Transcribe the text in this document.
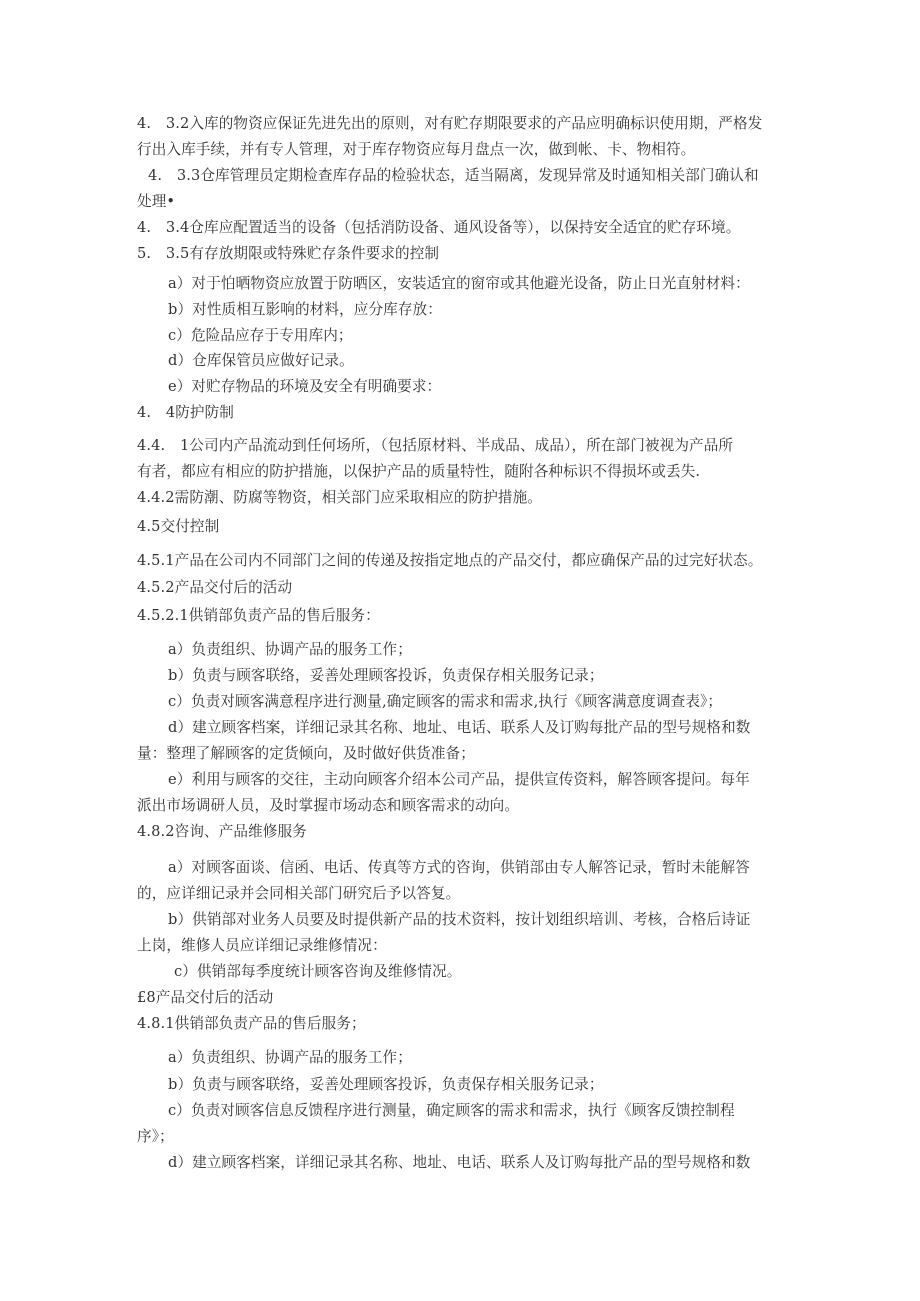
4.　3.2入库的物资应保证先进先出的原则，对有贮存期限要求的产品应明确标识使用期，严格发
行出入库手续，并有专人管理，对于库存物资应每月盘点一次，做到帐、卡、物相符。
4.　3.3仓库管理员定期检查库存品的检验状态，适当隔离，发现异常及时通知相关部门确认和
处理•
4.　3.4仓库应配置适当的设备（包括消防设备、通风设备等），以保持安全适宜的贮存环境。
5.　3.5有存放期限或特殊贮存条件要求的控制
a）对于怕晒物资应放置于防晒区，安装适宜的窗帘或其他避光设备，防止日光直射材料：
b）对性质相互影响的材料，应分库存放：
c）危险品应存于专用库内；
d）仓库保管员应做好记录。
e）对贮存物品的环境及安全有明确要求：
4.　4防护防制
4.4.　1公司内产品流动到任何场所，（包括原材料、半成品、成品），所在部门被视为产品所
有者，都应有相应的防护措施，以保护产品的质量特性，随附各种标识不得损坏或丢失.
4.4.2需防潮、防腐等物资，相关部门应采取相应的防护措施。
4.5交付控制
4.5.1产品在公司内不同部门之间的传递及按指定地点的产品交付，都应确保产品的过完好状态。
4.5.2产品交付后的活动
4.5.2.1供销部负责产品的售后服务：
a）负责组织、协调产品的服务工作；
b）负责与顾客联络，妥善处理顾客投诉，负责保存相关服务记录；
c）负责对顾客满意程序进行测量,确定顾客的需求和需求,执行《顾客满意度调查表》；
d）建立顾客档案，详细记录其名称、地址、电话、联系人及订购每批产品的型号规格和数
量：整理了解顾客的定货倾向，及时做好供货准备；
e）利用与顾客的交往，主动向顾客介绍本公司产品，提供宣传资料，解答顾客提问。每年
派出市场调研人员，及时掌握市场动态和顾客需求的动向。
4.8.2咨询、产品维修服务
a）对顾客面谈、信函、电话、传真等方式的咨询，供销部由专人解答记录，暂时未能解答
的，应详细记录并会同相关部门研究后予以答复。
b）供销部对业务人员要及时提供新产品的技术资料，按计划组织培训、考核，合格后诗证
上岗，维修人员应详细记录维修情况：
c）供销部每季度统计顾客咨询及维修情况。
£8产品交付后的活动
4.8.1供销部负责产品的售后服务；
a）负责组织、协调产品的服务工作；
b）负责与顾客联络，妥善处理顾客投诉，负责保存相关服务记录；
c）负责对顾客信息反馈程序进行测量，确定顾客的需求和需求，执行《顾客反馈控制程
序》；
d）建立顾客档案，详细记录其名称、地址、电话、联系人及订购每批产品的型号规格和数
